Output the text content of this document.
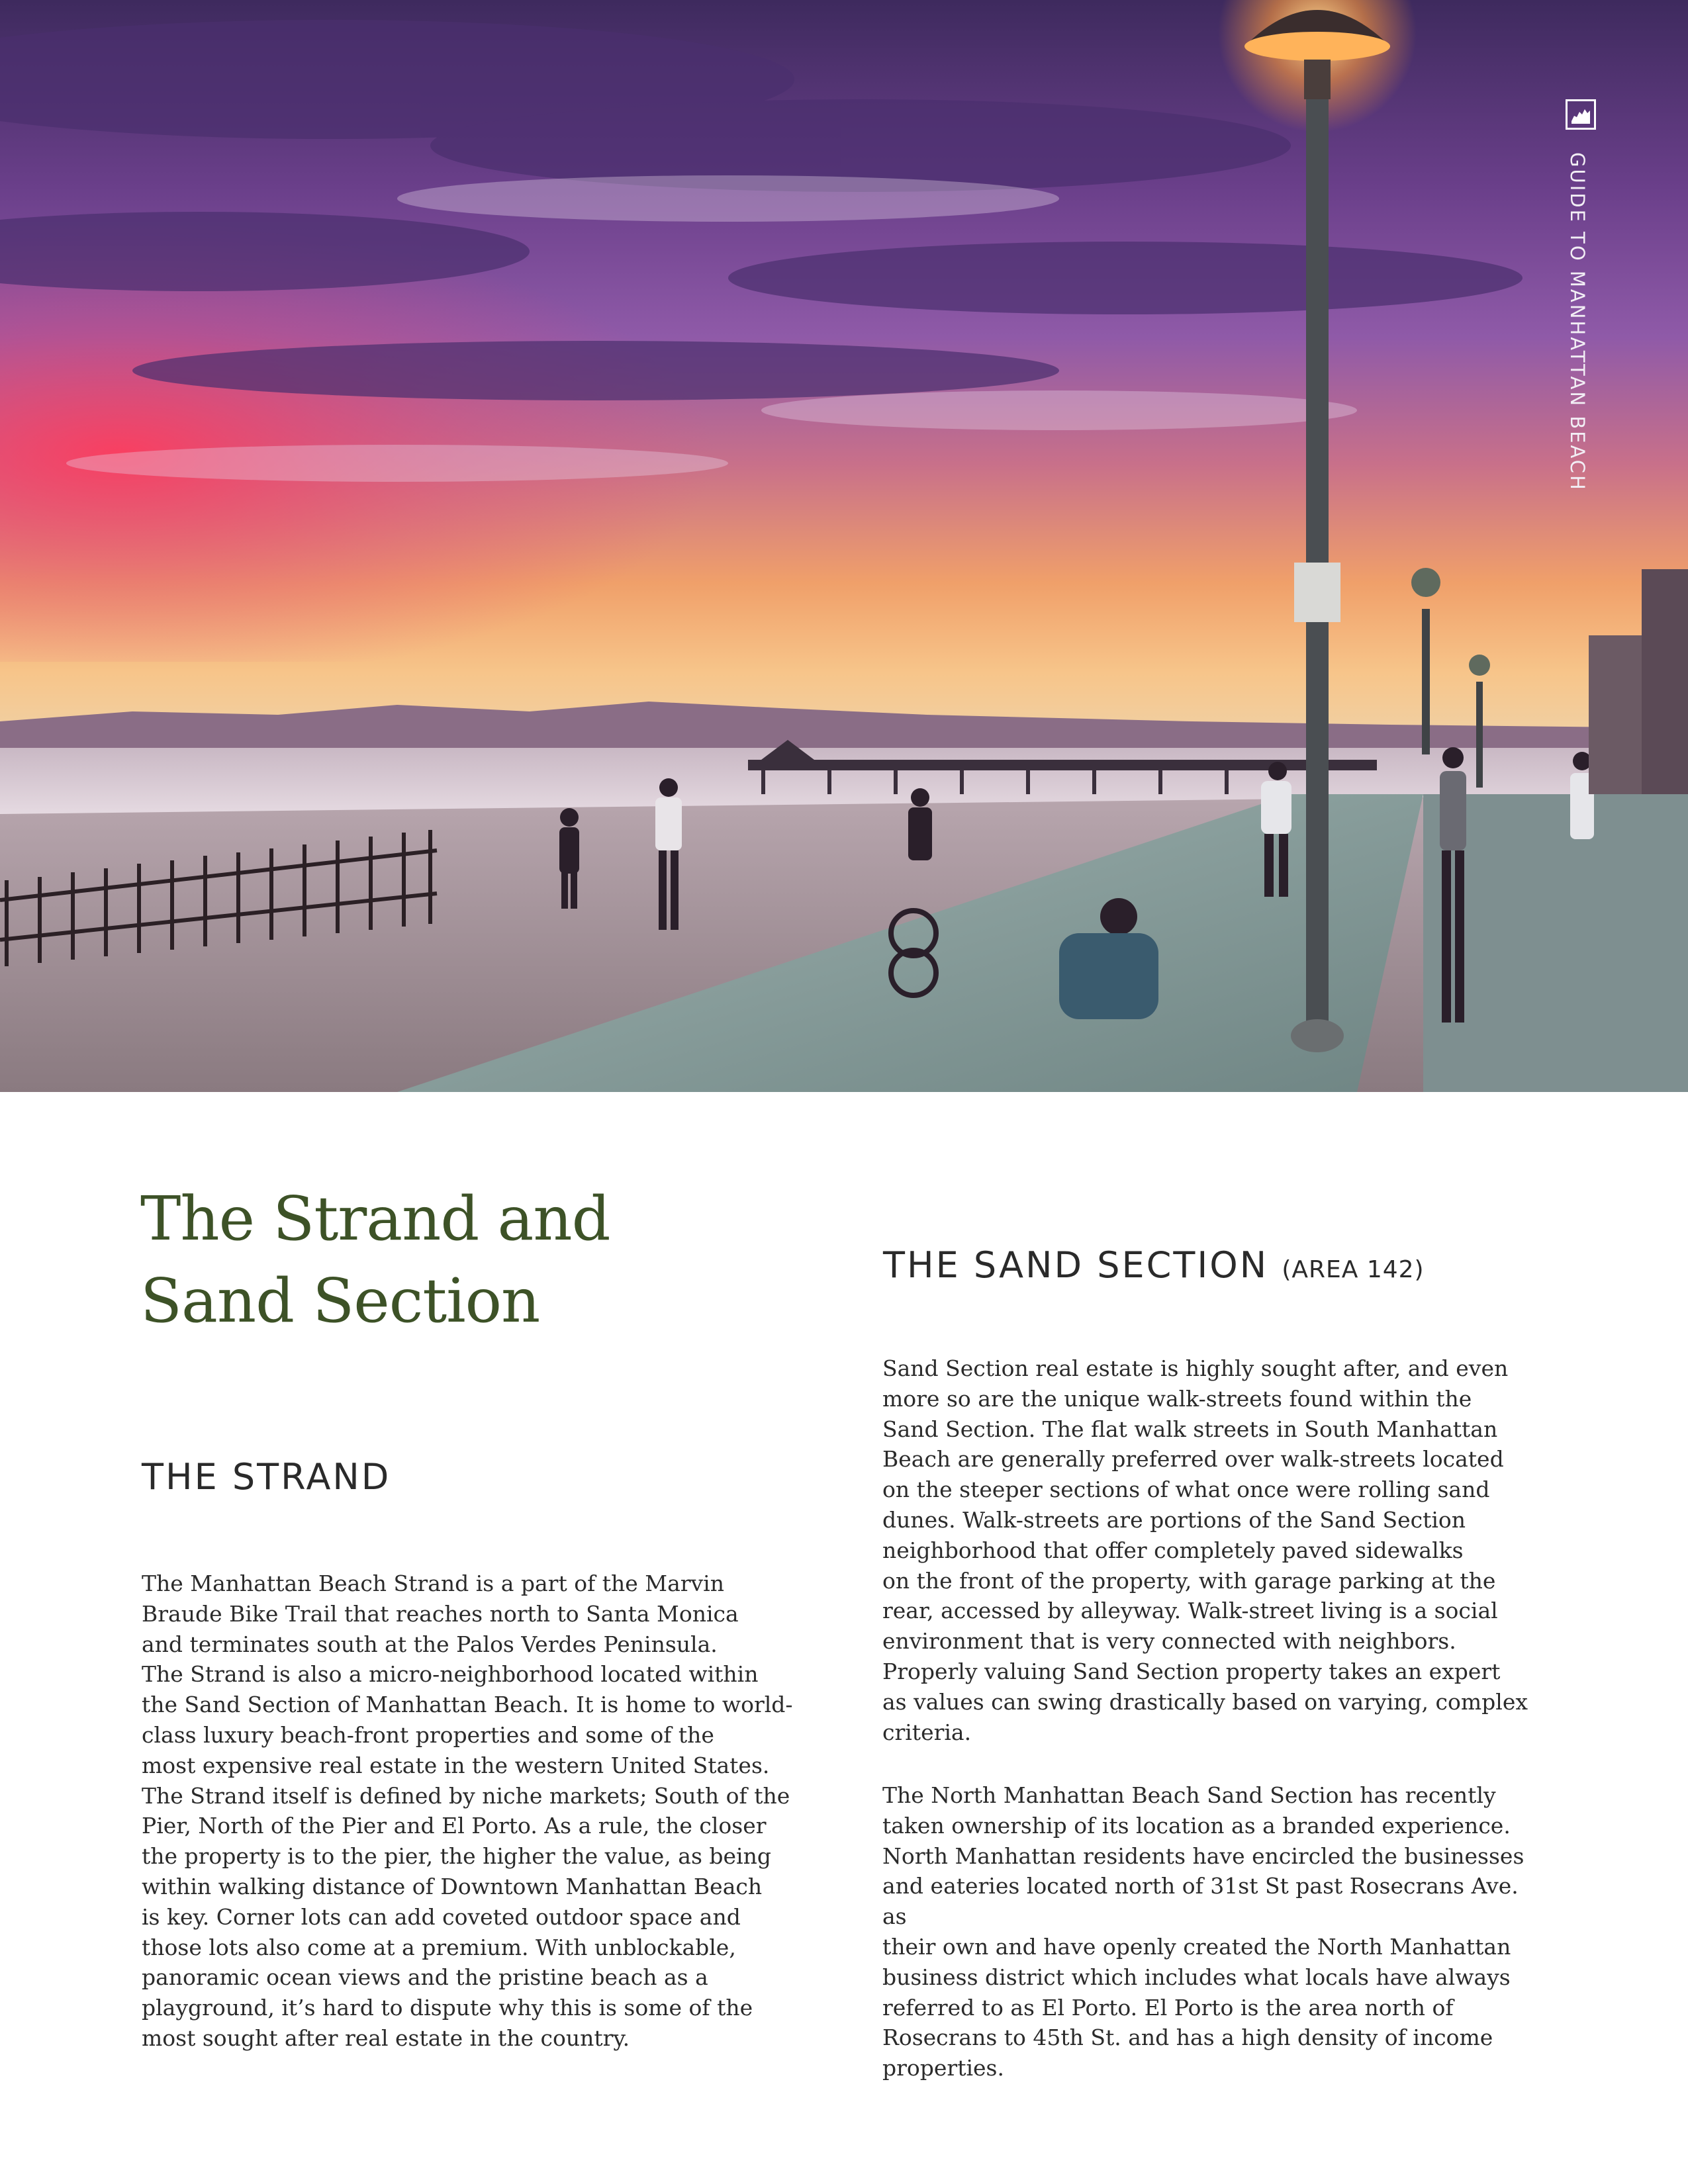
GUIDE TO MANHATTAN BEACH
The Strand and
Sand Section
THE STRAND

The Manhattan Beach Strand is a part of the Marvin
Braude Bike Trail that reaches north to Santa Monica
and terminates south at the Palos Verdes Peninsula.
The Strand is also a micro-neighborhood located within
the Sand Section of Manhattan Beach. It is home to world-
class luxury beach-front properties and some of the
most expensive real estate in the western United States.
The Strand itself is defined by niche markets; South of the
Pier, North of the Pier and El Porto. As a rule, the closer
the property is to the pier, the higher the value, as being
within walking distance of Downtown Manhattan Beach
is key. Corner lots can add coveted outdoor space and
those lots also come at a premium. With unblockable,
panoramic ocean views and the pristine beach as a
playground, it’s hard to dispute why this is some of the
most sought after real estate in the country.

THE SAND SECTION (AREA 142)

Sand Section real estate is highly sought after, and even
more so are the unique walk-streets found within the
Sand Section. The flat walk streets in South Manhattan
Beach are generally preferred over walk-streets located
on the steeper sections of what once were rolling sand
dunes. Walk-streets are portions of the Sand Section
neighborhood that offer completely paved sidewalks
on the front of the property, with garage parking at the
rear, accessed by alleyway. Walk-street living is a social
environment that is very connected with neighbors.
Properly valuing Sand Section property takes an expert
as values can swing drastically based on varying, complex
criteria.

The North Manhattan Beach Sand Section has recently
taken ownership of its location as a branded experience.
North Manhattan residents have encircled the businesses
and eateries located north of 31st St past Rosecrans Ave. as
their own and have openly created the North Manhattan
business district which includes what locals have always
referred to as El Porto. El Porto is the area north of
Rosecrans to 45th St. and has a high density of income
properties.
